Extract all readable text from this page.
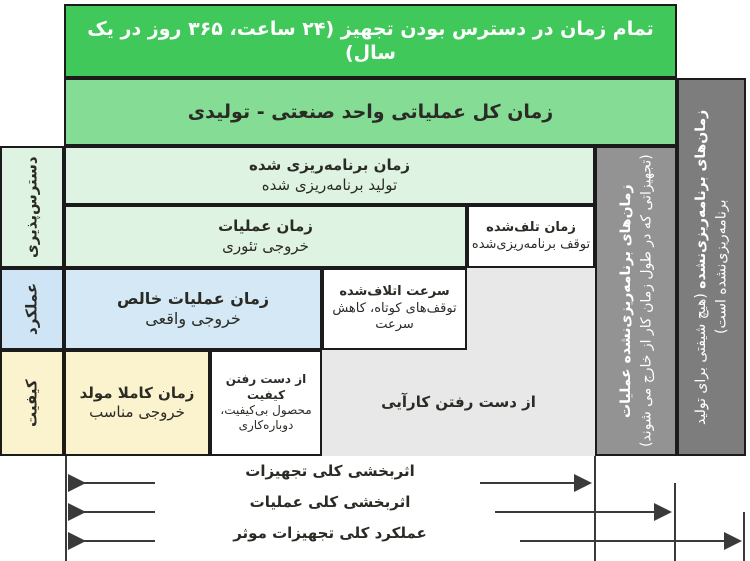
تمام زمان در دسترس بودن تجهیز (۲۴ ساعت، ۳۶۵ روز در یک سال)
زمان کل عملیاتی واحد صنعتی - تولیدی
دسترس‌پذیری
عملکرد
کیفیت
زمان برنامه‌ریزی شده
تولید برنامه‌ریزی شده
زمان عملیات
خروجی تئوری
زمان تلف‌شده
توقف برنامه‌ریزی‌شده
زمان عملیات خالص
خروجی واقعی
سرعت اتلاف‌شده
توقف‌های کوتاه، کاهش سرعت
زمان کاملا مولد
خروجی مناسب
از دست رفتن کیفیت
محصول بی‌کیفیت، دوباره‌کاری
از دست رفتن کارآیی	زمان‌های برنامه‌ریزی‌نشده عملیات (تجهیزاتی که در طول زمان کار از خارج می شوند)	زمان‌های برنامه‌ریزی‌نشده (هیچ شیفتی برای تولید برنامه‌ریزی‌نشده است)
اثربخشی کلی تجهیزات
اثربخشی کلی عملیات
عملکرد کلی تجهیزات موثر
